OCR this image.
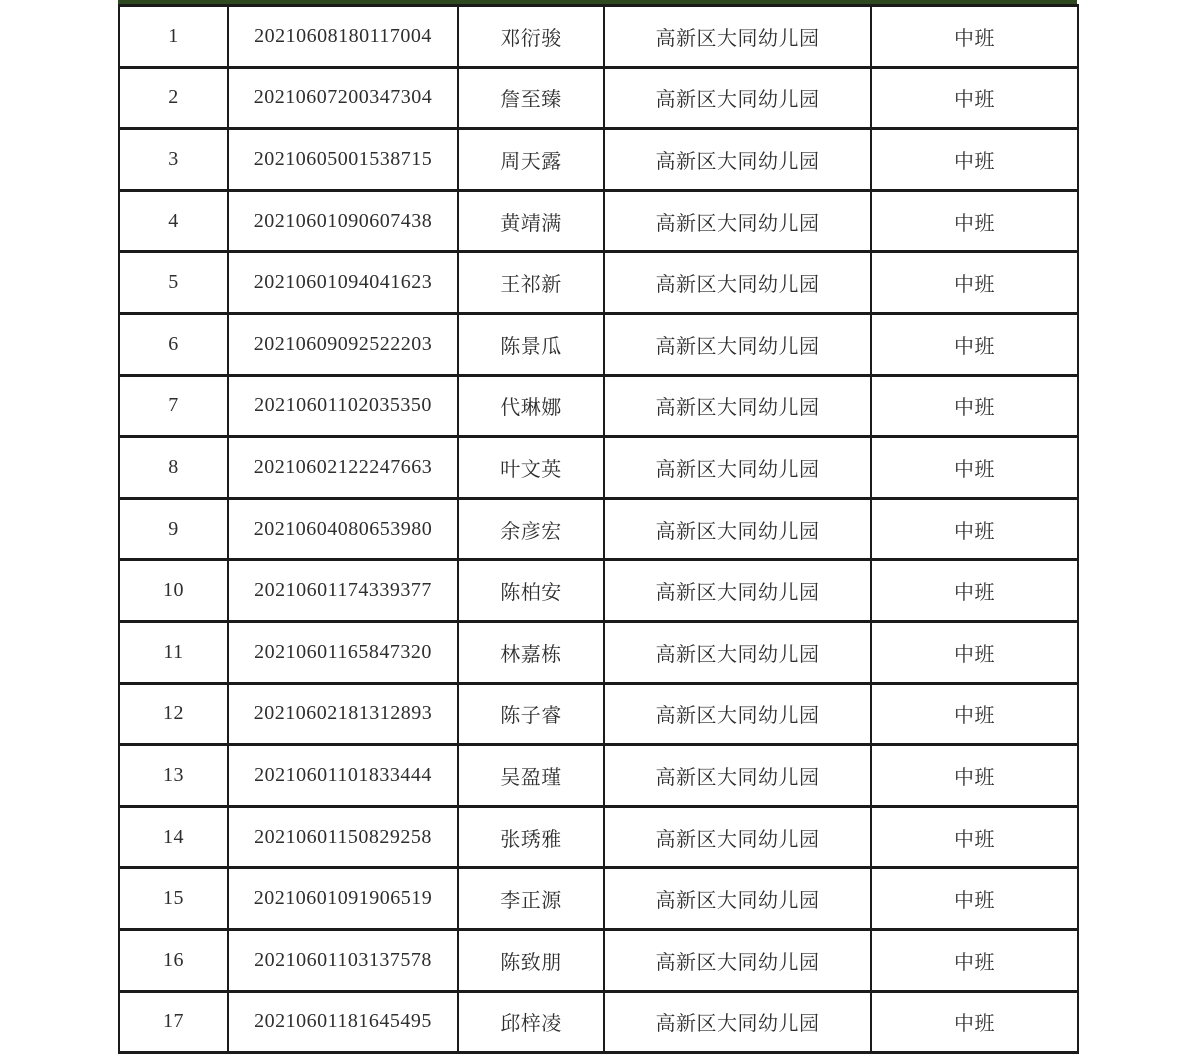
1	20210608180117004	邓衍骏	高新区大同幼儿园	中班
2	20210607200347304	詹至臻	高新区大同幼儿园	中班
3	20210605001538715	周天露	高新区大同幼儿园	中班
4	20210601090607438	黄靖满	高新区大同幼儿园	中班
5	20210601094041623	王祁新	高新区大同幼儿园	中班
6	20210609092522203	陈景瓜	高新区大同幼儿园	中班
7	20210601102035350	代琳娜	高新区大同幼儿园	中班
8	20210602122247663	叶文英	高新区大同幼儿园	中班
9	20210604080653980	余彦宏	高新区大同幼儿园	中班
10	20210601174339377	陈柏安	高新区大同幼儿园	中班
11	20210601165847320	林嘉栋	高新区大同幼儿园	中班
12	20210602181312893	陈子睿	高新区大同幼儿园	中班
13	20210601101833444	吴盈瑾	高新区大同幼儿园	中班
14	20210601150829258	张琇雅	高新区大同幼儿园	中班
15	20210601091906519	李正源	高新区大同幼儿园	中班
16	20210601103137578	陈致朋	高新区大同幼儿园	中班
17	20210601181645495	邱梓凌	高新区大同幼儿园	中班
